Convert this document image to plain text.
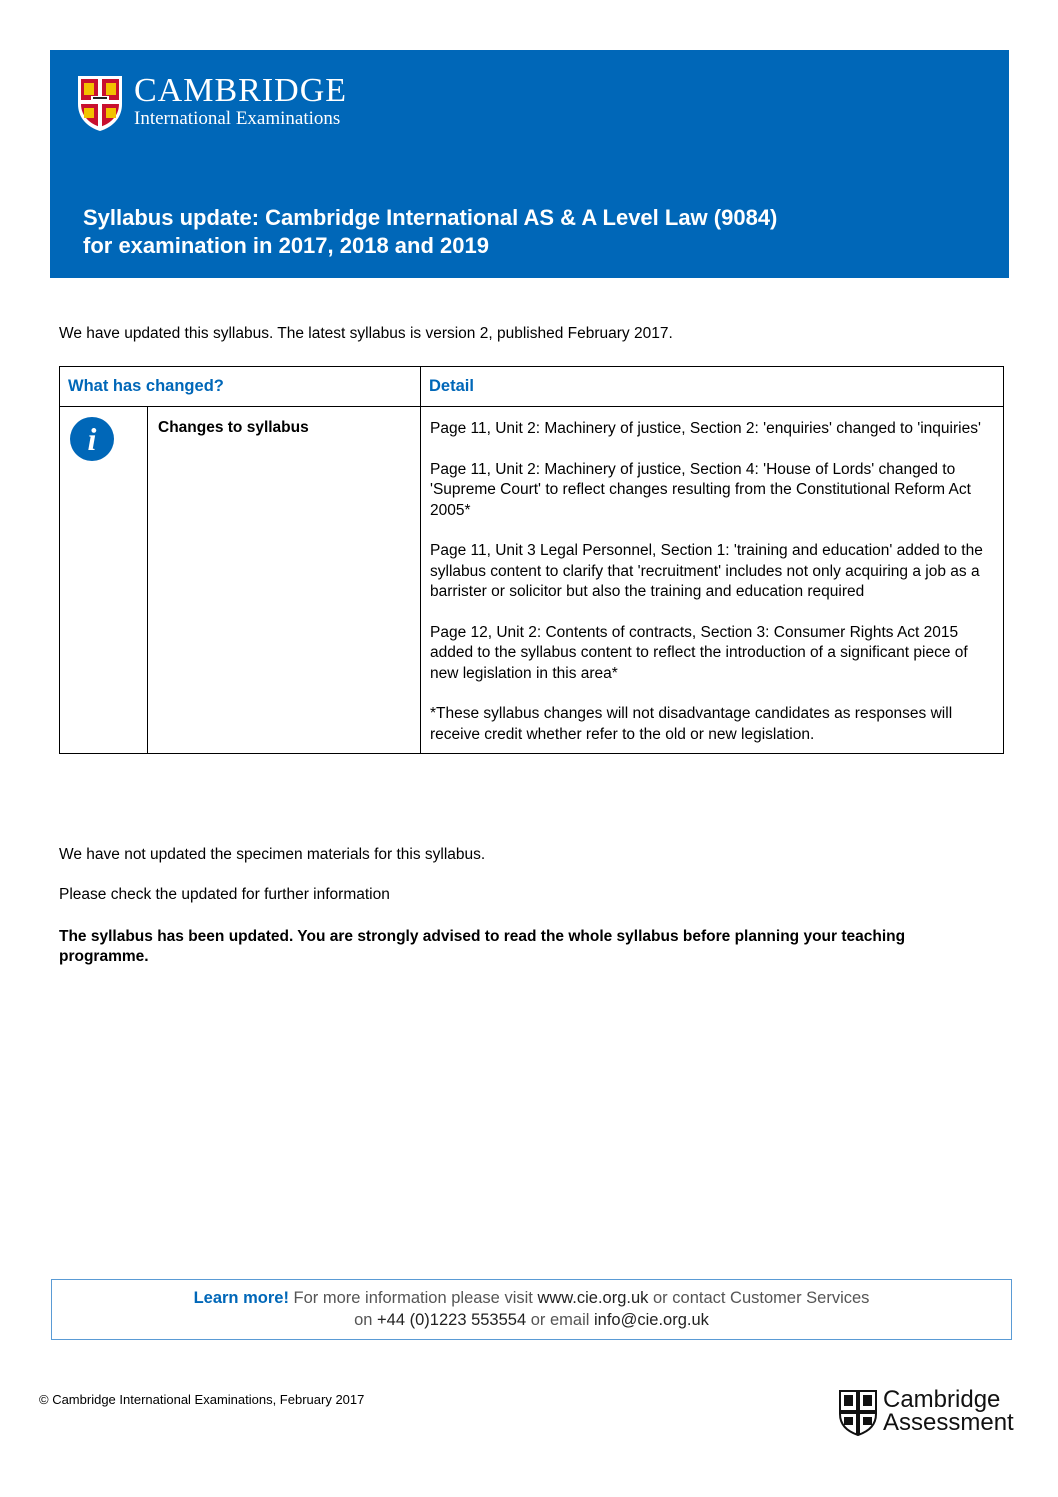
CAMBRIDGE
International Examinations
Syllabus update: Cambridge International AS & A Level Law (9084)
for examination in 2017, 2018 and 2019
We have updated this syllabus. The latest syllabus is version 2, published February 2017.
What has changed?		Detail

i	Changes to syllabus	Page 11, Unit 2: Machinery of justice, Section 2: 'enquiries' changed to 'inquiries'

Page 11, Unit 2: Machinery of justice, Section 4: 'House of Lords' changed to 'Supreme Court' to reflect changes resulting from the Constitutional Reform Act 2005*

Page 11, Unit 3 Legal Personnel, Section 1: 'training and education' added to the syllabus content to clarify that 'recruitment' includes not only acquiring a job as a barrister or solicitor but also the training and education required

Page 12, Unit 2: Contents of contracts, Section 3: Consumer Rights Act 2015 added to the syllabus content to reflect the introduction of a significant piece of new legislation in this area*

*These syllabus changes will not disadvantage candidates as responses will receive credit whether refer to the old or new legislation.

We have not updated the specimen materials for this syllabus.
Please check the updated for further information
The syllabus has been updated. You are strongly advised to read the whole syllabus before planning your teaching programme.
Learn more! For more information please visit www.cie.org.uk or contact Customer Services
on +44 (0)1223 553554 or email info@cie.org.uk
© Cambridge International Examinations, February 2017	Cambridge
Assessment
